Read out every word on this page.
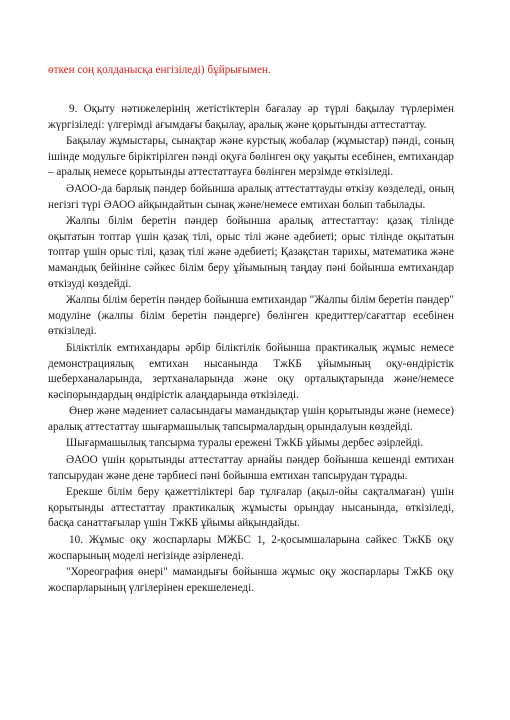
өткен соң қолданысқа енгізіледі) бұйрығымен.

9. Оқыту нәтижелерінің жетістіктерін бағалау әр түрлі бақылау түрлерімен жүргізіледі: үлгерімді ағымдағы бақылау, аралық және қорытынды аттестаттау.

Бақылау жұмыстары, сынақтар және курстық жобалар (жұмыстар) пәнді, соның ішінде модульге біріктірілген пәнді оқуға бөлінген оқу уақыты есебінен, емтихандар – аралық немесе қорытынды аттестаттауға бөлінген мерзімде өткізіледі.

ӘАОО-да барлық пәндер бойынша аралық аттестаттауды өткізу көзделеді, оның негізгі түрі ӘАОО айқындайтын сынақ және/немесе емтихан болып табылады.

Жалпы білім беретін пәндер бойынша аралық аттестаттау: қазақ тілінде оқытатын топтар үшін қазақ тілі, орыс тілі және әдебиеті; орыс тілінде оқытатын топтар үшін орыс тілі, қазақ тілі және әдебиеті; Қазақстан тарихы, математика және мамандық бейініне сәйкес білім беру ұйымының таңдау пәні бойынша емтихандар өткізуді көздейді.

Жалпы білім беретін пәндер бойынша емтихандар "Жалпы білім беретін пәндер" модуліне (жалпы білім беретін пәндерге) бөлінген кредиттер/сағаттар есебінен өткізіледі.

Біліктілік емтихандары әрбір біліктілік бойынша практикалық жұмыс немесе демонстрациялық емтихан нысанында ТжКБ ұйымының оқу-өндірістік шеберханаларында, зертханаларында және оқу орталықтарында және/немесе кәсіпорындардың өндірістік алаңдарында өткізіледі.

Өнер және мәдениет саласындағы мамандықтар үшін қорытынды және (немесе) аралық аттестаттау шығармашылық тапсырмалардың орындалуын көздейді.

Шығармашылық тапсырма туралы ережені ТжКБ ұйымы дербес әзірлейді.

ӘАОО үшін қорытынды аттестаттау арнайы пәндер бойынша кешенді емтихан тапсырудан және дене тәрбиесі пәні бойынша емтихан тапсырудан тұрады.

Ерекше білім беру қажеттіліктері бар тұлғалар (ақыл-ойы сақталмаған) үшін қорытынды аттестаттау практикалық жұмысты орындау нысанында, өткізіледі, басқа санаттағылар үшін ТжКБ ұйымы айқындайды.

10. Жұмыс оқу жоспарлары МЖБС 1, 2-қосымшаларына сәйкес ТжКБ оқу жоспарының моделі негізінде әзірленеді.

"Хореография өнері" мамандығы бойынша жұмыс оқу жоспарлары ТжКБ оқу жоспарларының үлгілерінен ерекшеленеді.
